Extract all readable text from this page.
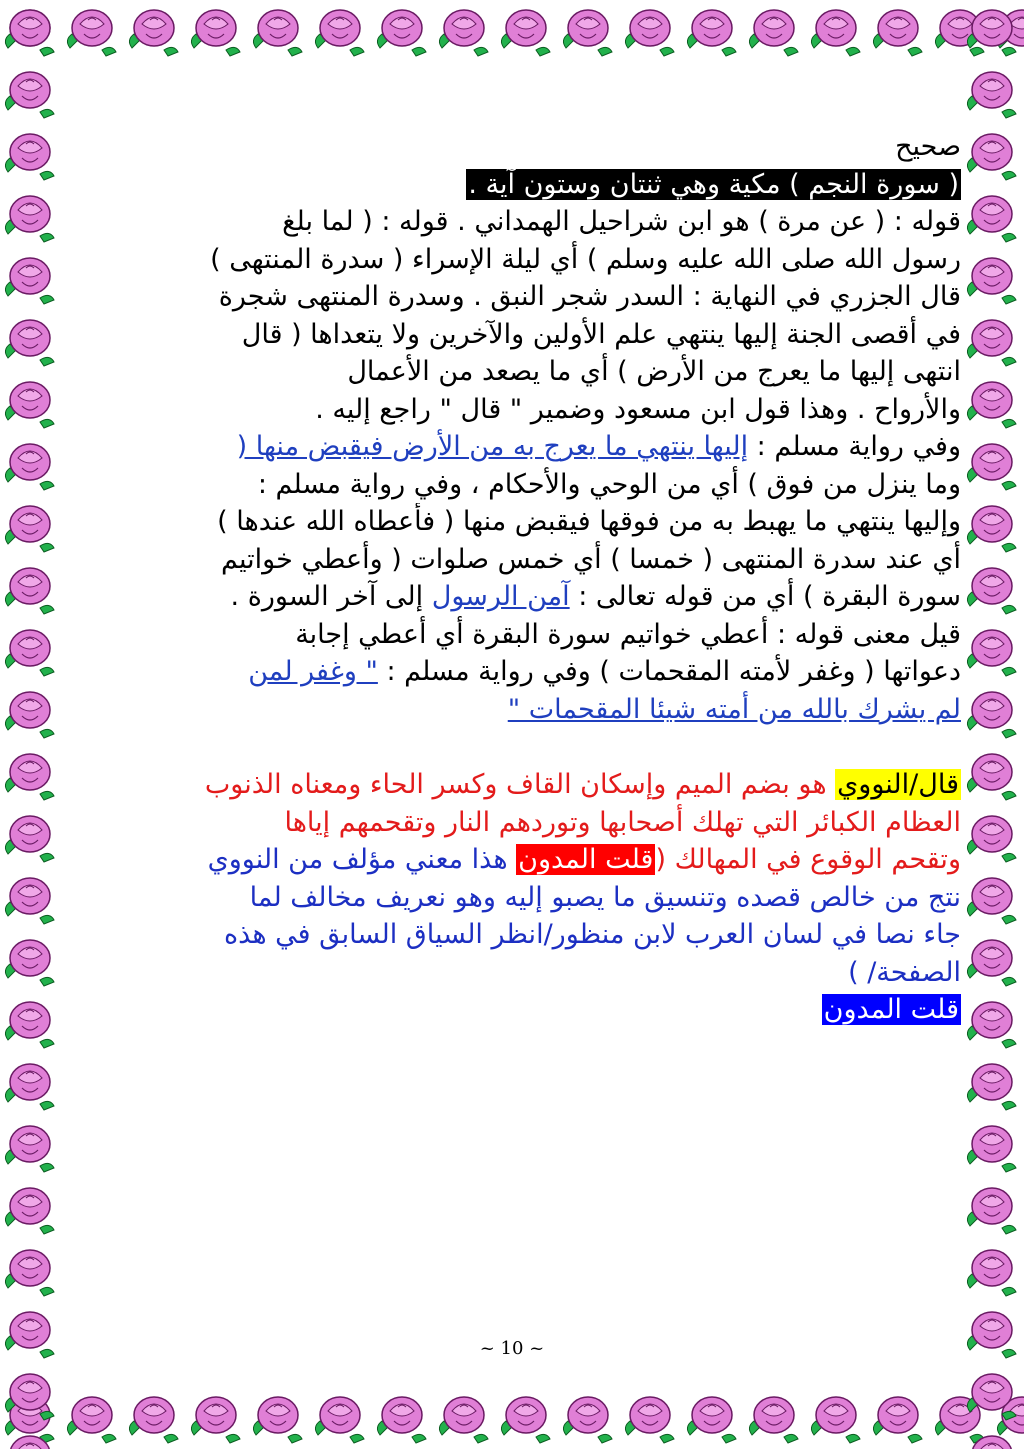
صحيح
( سورة النجم ) مكية وهي ثنتان وستون آية .
قوله : ( عن مرة ) هو ابن شراحيل الهمداني . قوله : ( لما بلغ
رسول الله صلى الله عليه وسلم ) أي ليلة الإسراء ( سدرة المنتهى )
قال الجزري في النهاية : السدر شجر النبق . وسدرة المنتهى شجرة
في أقصى الجنة إليها ينتهي علم الأولين والآخرين ولا يتعداها ( قال
انتهى إليها ما يعرج من الأرض ) أي ما يصعد من الأعمال
والأرواح . وهذا قول ابن مسعود وضمير " قال " راجع إليه .
وفي رواية مسلم : إليها ينتهي ما يعرج به من الأرض فيقبض منها (
وما ينزل من فوق ) أي من الوحي والأحكام ، وفي رواية مسلم :
وإليها ينتهي ما يهبط به من فوقها فيقبض منها ( فأعطاه الله عندها )
أي عند سدرة المنتهى ( خمسا ) أي خمس صلوات ( وأعطي خواتيم
سورة البقرة ) أي من قوله تعالى : آمن الرسول إلى آخر السورة .
قيل معنى قوله : أعطي خواتيم سورة البقرة أي أعطي إجابة
دعواتها ( وغفر لأمته المقحمات ) وفي رواية مسلم : " وغفر لمن
لم يشرك بالله من أمته شيئا المقحمات "
قال/النووي هو بضم الميم وإسكان القاف وكسر الحاء ومعناه الذنوب
العظام الكبائر التي تهلك أصحابها وتوردهم النار وتقحمهم إياها
وتقحم الوقوع في المهالك (قلت المدون هذا معني مؤلف من النووي
نتج من خالص قصده وتنسيق ما يصبو إليه وهو نعريف مخالف لما
جاء نصا في لسان العرب لابن منظور/انظر السياق السابق في هذه
الصفحة/ )
قلت المدون
~ 10 ~
